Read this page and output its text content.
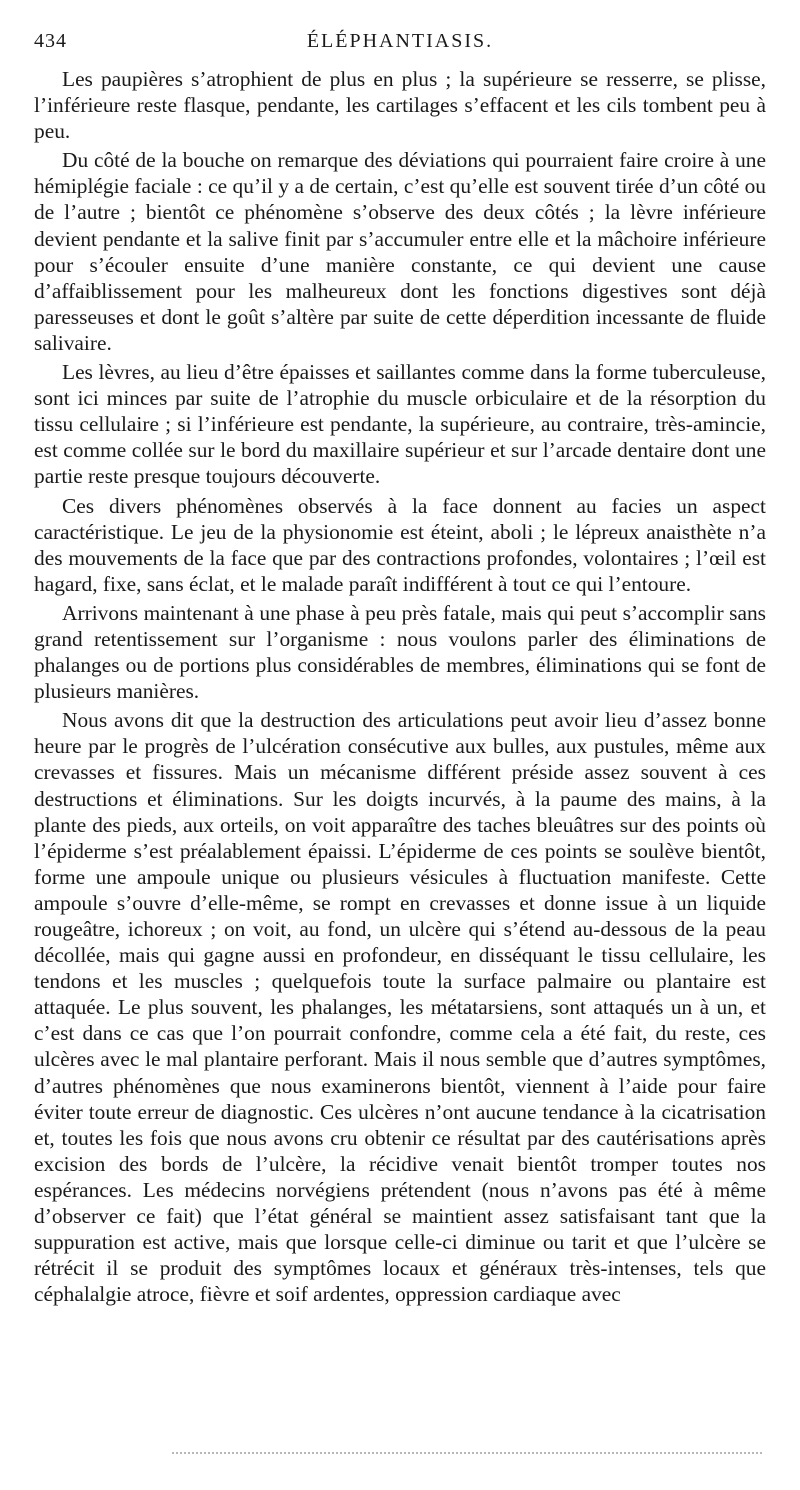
434	ÉLÉPHANTIASIS.

Les paupières s’atrophient de plus en plus ; la supérieure se resserre, se plisse, l’inférieure reste flasque, pendante, les cartilages s’effacent et les cils tombent peu à peu.

Du côté de la bouche on remarque des déviations qui pourraient faire croire à une hémiplégie faciale : ce qu’il y a de certain, c’est qu’elle est souvent tirée d’un côté ou de l’autre ; bientôt ce phénomène s’observe des deux côtés ; la lèvre inférieure devient pendante et la salive finit par s’accumuler entre elle et la mâchoire inférieure pour s’écouler ensuite d’une manière constante, ce qui devient une cause d’affaiblissement pour les malheureux dont les fonctions digestives sont déjà paresseuses et dont le goût s’altère par suite de cette déperdition incessante de fluide salivaire.

Les lèvres, au lieu d’être épaisses et saillantes comme dans la forme tuberculeuse, sont ici minces par suite de l’atrophie du muscle orbiculaire et de la résorption du tissu cellulaire ; si l’inférieure est pendante, la supérieure, au contraire, très-amincie, est comme collée sur le bord du maxillaire supérieur et sur l’arcade dentaire dont une partie reste presque toujours découverte.

Ces divers phénomènes observés à la face donnent au facies un aspect caractéristique. Le jeu de la physionomie est éteint, aboli ; le lépreux anaisthète n’a des mouvements de la face que par des contractions profondes, volontaires ; l’œil est hagard, fixe, sans éclat, et le malade paraît indifférent à tout ce qui l’entoure.

Arrivons maintenant à une phase à peu près fatale, mais qui peut s’accomplir sans grand retentissement sur l’organisme : nous voulons parler des éliminations de phalanges ou de portions plus considérables de membres, éliminations qui se font de plusieurs manières.

Nous avons dit que la destruction des articulations peut avoir lieu d’assez bonne heure par le progrès de l’ulcération consécutive aux bulles, aux pustules, même aux crevasses et fissures. Mais un mécanisme différent préside assez souvent à ces destructions et éliminations. Sur les doigts incurvés, à la paume des mains, à la plante des pieds, aux orteils, on voit apparaître des taches bleuâtres sur des points où l’épiderme s’est préalablement épaissi. L’épiderme de ces points se soulève bientôt, forme une ampoule unique ou plusieurs vésicules à fluctuation manifeste. Cette ampoule s’ouvre d’elle-même, se rompt en crevasses et donne issue à un liquide rougeâtre, ichoreux ; on voit, au fond, un ulcère qui s’étend au-dessous de la peau décollée, mais qui gagne aussi en profondeur, en disséquant le tissu cellulaire, les tendons et les muscles ; quelquefois toute la surface palmaire ou plantaire est attaquée. Le plus souvent, les phalanges, les métatarsiens, sont attaqués un à un, et c’est dans ce cas que l’on pourrait confondre, comme cela a été fait, du reste, ces ulcères avec le mal plantaire perforant. Mais il nous semble que d’autres symptômes, d’autres phénomènes que nous examinerons bientôt, viennent à l’aide pour faire éviter toute erreur de diagnostic. Ces ulcères n’ont aucune tendance à la cicatrisation et, toutes les fois que nous avons cru obtenir ce résultat par des cautérisations après excision des bords de l’ulcère, la récidive venait bientôt tromper toutes nos espérances. Les médecins norvégiens prétendent (nous n’avons pas été à même d’observer ce fait) que l’état général se maintient assez satisfaisant tant que la suppuration est active, mais que lorsque celle-ci diminue ou tarit et que l’ulcère se rétrécit il se produit des symptômes locaux et généraux très-intenses, tels que céphalalgie atroce, fièvre et soif ardentes, oppression cardiaque avec
